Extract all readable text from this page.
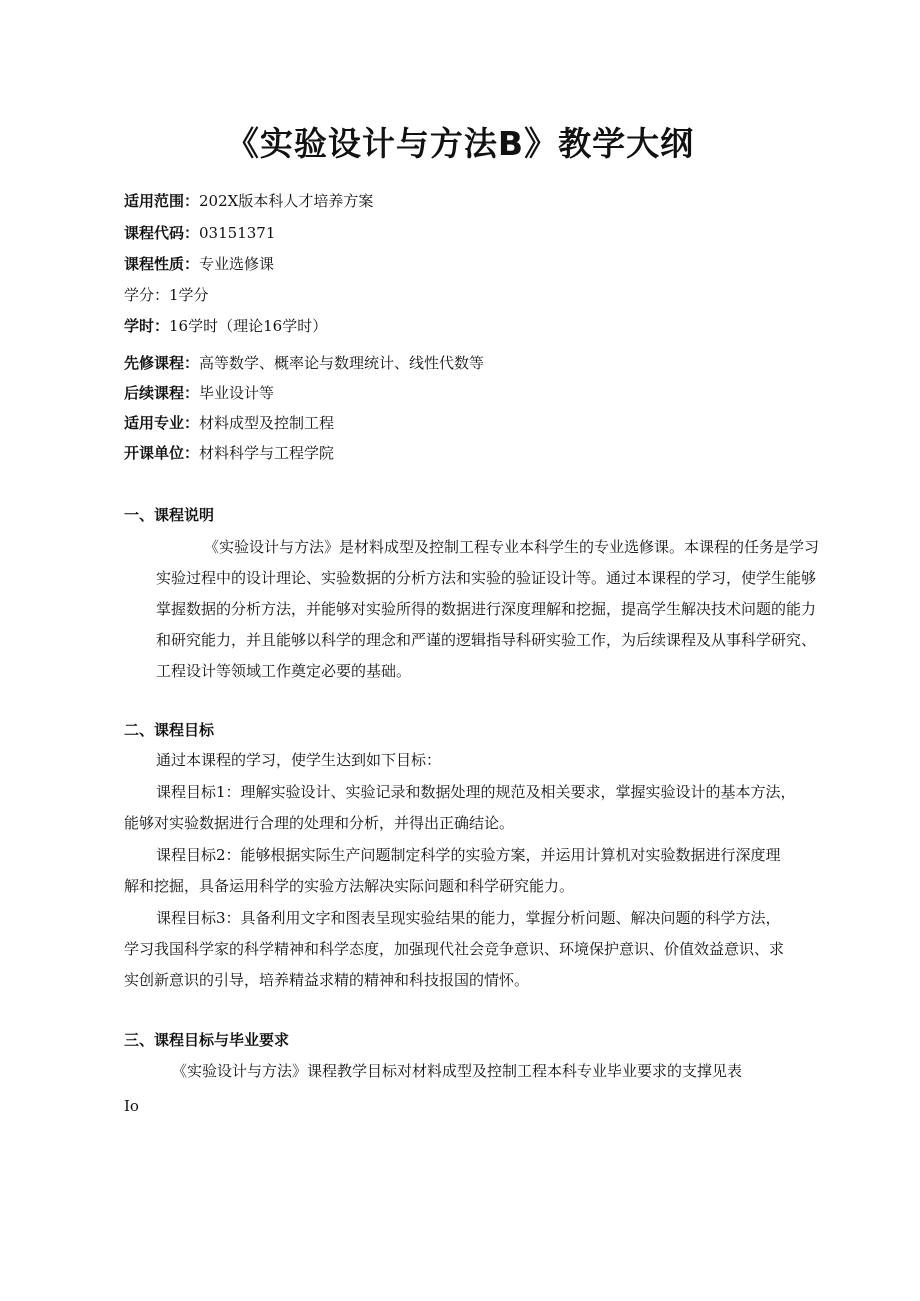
《实验设计与方法B》教学大纲
适用范围：202X版本科人才培养方案
课程代码：03151371
课程性质：专业选修课
学分：1学分
学时：16学时（理论16学时）
先修课程：高等数学、概率论与数理统计、线性代数等
后续课程：毕业设计等
适用专业：材料成型及控制工程
开课单位：材料科学与工程学院
一、课程说明

《实验设计与方法》是材料成型及控制工程专业本科学生的专业选修课。本课程的任务是学习
实验过程中的设计理论、实验数据的分析方法和实验的验证设计等。通过本课程的学习，使学生能够
掌握数据的分析方法，并能够对实验所得的数据进行深度理解和挖掘，提高学生解决技术问题的能力
和研究能力，并且能够以科学的理念和严谨的逻辑指导科研实验工作，为后续课程及从事科学研究、
工程设计等领域工作奠定必要的基础。

二、课程目标

通过本课程的学习，使学生达到如下目标：

课程目标1：理解实验设计、实验记录和数据处理的规范及相关要求，掌握实验设计的基本方法，
能够对实验数据进行合理的处理和分析，并得出正确结论。

课程目标2：能够根据实际生产问题制定科学的实验方案，并运用计算机对实验数据进行深度理
解和挖掘，具备运用科学的实验方法解决实际问题和科学研究能力。

课程目标3：具备利用文字和图表呈现实验结果的能力，掌握分析问题、解决问题的科学方法，
学习我国科学家的科学精神和科学态度，加强现代社会竞争意识、环境保护意识、价值效益意识、求
实创新意识的引导，培养精益求精的精神和科技报国的情怀。

三、课程目标与毕业要求

《实验设计与方法》课程教学目标对材料成型及控制工程本科专业毕业要求的支撑见表
Io
